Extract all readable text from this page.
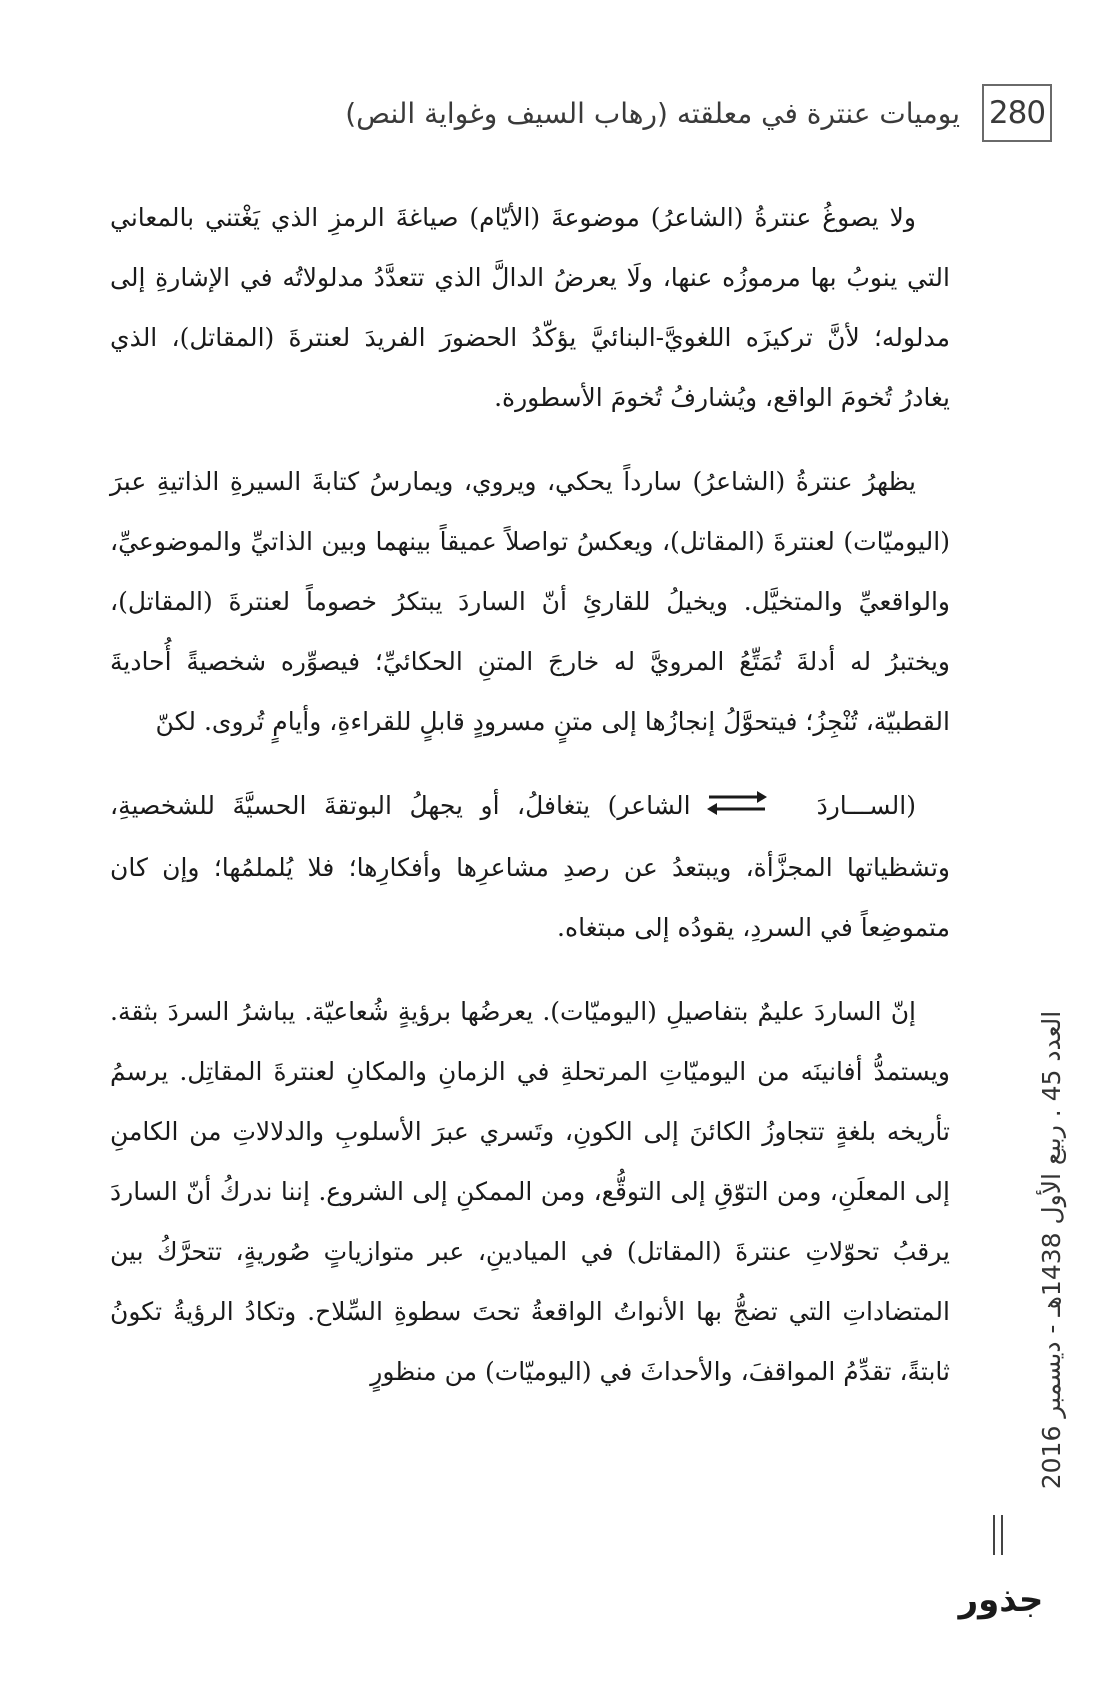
280
يوميات عنترة في معلقته (رهاب السيف وغواية النص)

ولا يصوغُ عنترةُ (الشاعرُ) موضوعةَ (الأيّام) صياغةَ الرمزِ الذي يَغْتني بالمعاني التي ينوبُ بها مرموزُه عنها، ولَا يعرضُ الدالَّ الذي تتعدَّدُ مدلولاتُه في الإشارةِ إلى مدلوله؛ لأنَّ تركيزَه اللغويَّ-البنائيَّ يؤكّدُ الحضورَ الفريدَ لعنترةَ (المقاتل)، الذي يغادرُ تُخومَ الواقع، ويُشارفُ تُخومَ الأسطورة.

يظهرُ عنترةُ (الشاعرُ) سارداً يحكي، ويروي، ويمارسُ كتابةَ السيرةِ الذاتيةِ عبرَ (اليوميّات) لعنترةَ (المقاتل)، ويعكسُ تواصلاً عميقاً بينهما وبين الذاتيِّ والموضوعيِّ، والواقعيِّ والمتخيَّل. ويخيلُ للقارئِ أنّ الساردَ يبتكرُ خصوماً لعنترةَ (المقاتل)، ويختبرُ له أدلةَ تُمَتِّعُ المرويَّ له خارجَ المتنِ الحكائيِّ؛ فيصوِّره شخصيةً أُحاديةَ القطبيّة، تُنْجِزُ؛ فيتحوَّلُ إنجازُها إلى متنٍ مسرودٍ قابلٍ للقراءةِ، وأيامٍ تُروى. لكنّ

(الســـاردَالشاعر) يتغافلُ، أو يجهلُ البوتقةَ الحسيَّةَ للشخصيةِ، وتشظياتها المجزَّأة، ويبتعدُ عن رصدِ مشاعرِها وأفكارِها؛ فلا يُلملمُها؛ وإن كان متموضِعاً في السردِ، يقودُه إلى مبتغاه.

إنّ الساردَ عليمٌ بتفاصيلِ (اليوميّات). يعرضُها برؤيةٍ شُعاعيّة. يباشرُ السردَ بثقة. ويستمدُّ أفانينَه من اليوميّاتِ المرتحلةِ في الزمانِ والمكانِ لعنترةَ المقاتِل. يرسمُ تأريخه بلغةٍ تتجاوزُ الكائنَ إلى الكونِ، وتَسري عبرَ الأسلوبِ والدلالاتِ من الكامنِ إلى المعلَنِ، ومن التوّقِ إلى التوقُّع، ومن الممكنِ إلى الشروع. إننا ندركُ أنّ الساردَ يرقبُ تحوّلاتِ عنترةَ (المقاتل) في الميادينِ، عبر متوازياتٍ صُوريةٍ، تتحرَّكُ بين المتضاداتِ التي تضجُّ بها الأنواتُ الواقعةُ تحتَ سطوةِ السِّلاح. وتكادُ الرؤيةُ تكونُ ثابتةً، تقدِّمُ المواقفَ، والأحداثَ في (اليوميّات) من منظورٍ

العدد 45 . ربيع الأول 1438هـ - ديسمبر 2016
جذور
